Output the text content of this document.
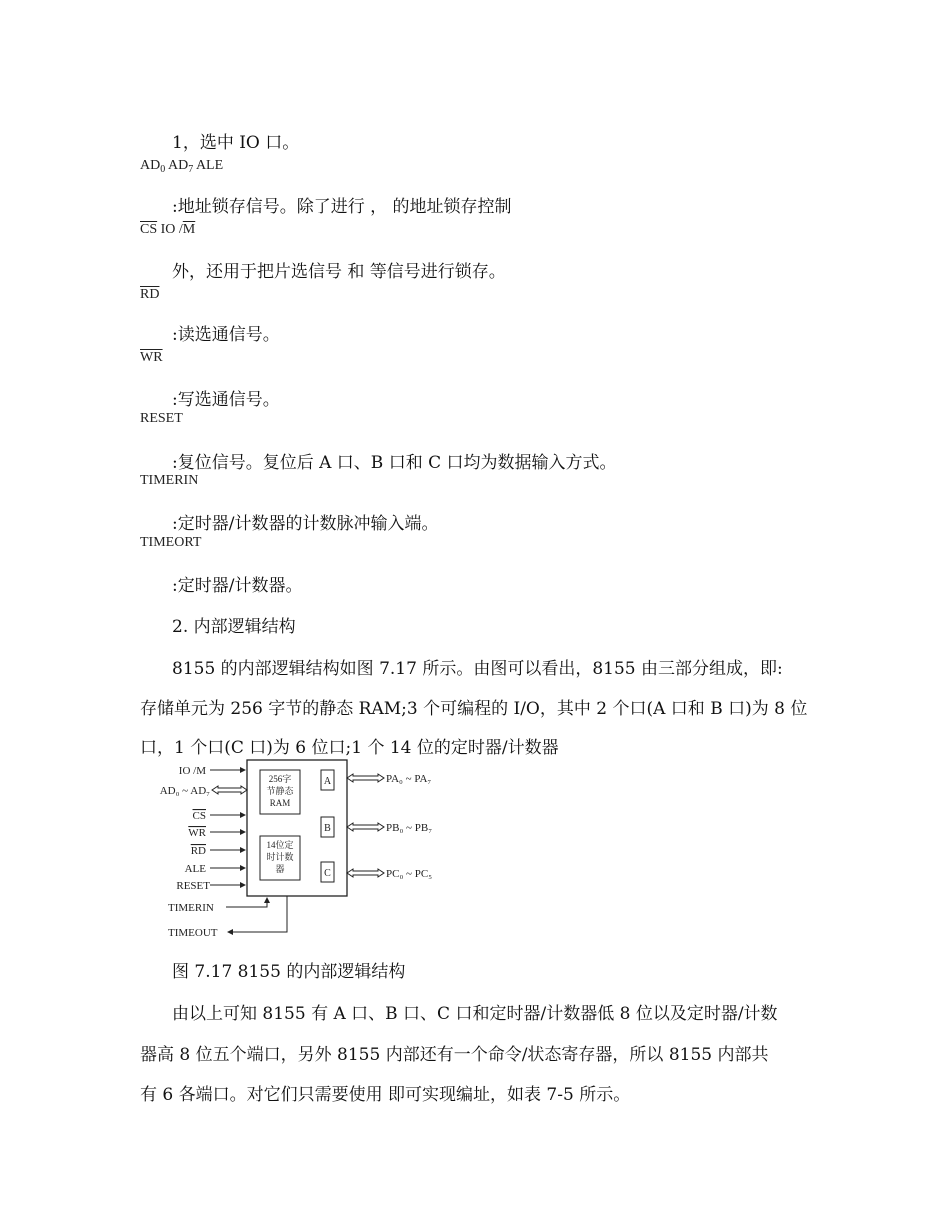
1，选中 IO 口。
$AD_0$ $AD_7$ ALE
:地址锁存信号。除了进行 ， 的地址锁存控制
$\overline{CS}$ IO $/\overline{M}$
外，还用于把片选信号 和 等信号进行锁存。
$\overline{RD}$
:读选通信号。
$\overline{WR}$
:写选通信号。
RESET
:复位信号。复位后 A 口、B 口和 C 口均为数据输入方式。
TIMERIN
:定时器/计数器的计数脉冲输入端。
TIMEORT
:定时器/计数器。
2. 内部逻辑结构
8155 的内部逻辑结构如图 7.17 所示。由图可以看出，8155 由三部分组成，即:
存储单元为 256 字节的静态 RAM;3 个可编程的 I/O，其中 2 个口(A 口和 B 口)为 8 位
口，1 个口(C 口)为 6 位口;1 个 14 位的定时器/计数器
256字
节静态
RAM
14位定
时计数
器
A
B
C
PA₀ ~ PA₇
PB₀ ~ PB₇
PC₀ ~ PC₅
IO /M
AD₀ ~ AD₇
CS
WR
RD
ALE
RESET
TIMERIN
TIMEOUT
图 7.17 8155 的内部逻辑结构
由以上可知 8155 有 A 口、B 口、C 口和定时器/计数器低 8 位以及定时器/计数
器高 8 位五个端口，另外 8155 内部还有一个命令/状态寄存器，所以 8155 内部共
有 6 各端口。对它们只需要使用 即可实现编址，如表 7-5 所示。
